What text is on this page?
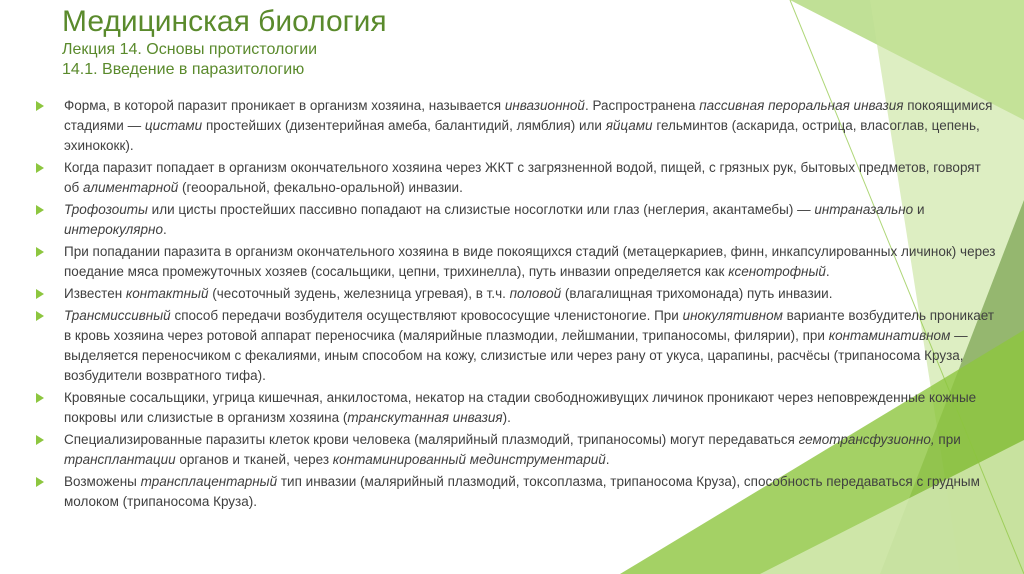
Медицинская биология

Лекция 14. Основы протистологии

14.1. Введение в паразитологию

Форма, в которой паразит проникает в организм хозяина, называется инвазионной. Распространена пассивная пероральная инвазия покоящимися стадиями — цистами простейших (дизентерийная амеба, балантидий, лямблия) или яйцами гельминтов (аскарида, острица, власоглав, цепень, эхинококк).
Когда паразит попадает в организм окончательного хозяина через ЖКТ с загрязненной водой, пищей, с грязных рук, бытовых предметов, говорят об алиментарной (геооральной, фекально-оральной) инвазии.
Трофозоиты или цисты простейших пассивно попадают на слизистые носоглотки или глаз (неглерия, акантамебы) — интраназально и интерокулярно.
При попадании паразита в организм окончательного хозяина в виде покоящихся стадий (метацеркариев, финн, инкапсулированных личинок) через поедание мяса промежуточных хозяев (сосальщики, цепни, трихинелла), путь инвазии определяется как ксенотрофный.
Известен контактный (чесоточный зудень, железница угревая), в т.ч. половой (влагалищная трихомонада) путь инвазии.
Трансмиссивный способ передачи возбудителя осуществляют кровососущие членистоногие. При инокулятивном варианте возбудитель проникает в кровь хозяина через ротовой аппарат переносчика (малярийные плазмодии, лейшмании, трипаносомы, филярии), при контаминативном — выделяется переносчиком с фекалиями, иным способом на кожу, слизистые или через рану от укуса, царапины, расчёсы (трипаносома Круза, возбудители возвратного тифа).
Кровяные сосальщики, угрица кишечная, анкилостома, некатор на стадии свободноживущих личинок проникают через неповрежденные кожные покровы или слизистые в организм хозяина (транскутанная инвазия).
Специализированные паразиты клеток крови человека (малярийный плазмодий, трипаносомы) могут передаваться гемотрансфузионно, при трансплантации органов и тканей, через контаминированный мединструментарий.
Возможены трансплацентарный тип инвазии (малярийный плазмодий, токсоплазма, трипаносома Круза), способность передаваться с грудным молоком (трипаносома Круза).
